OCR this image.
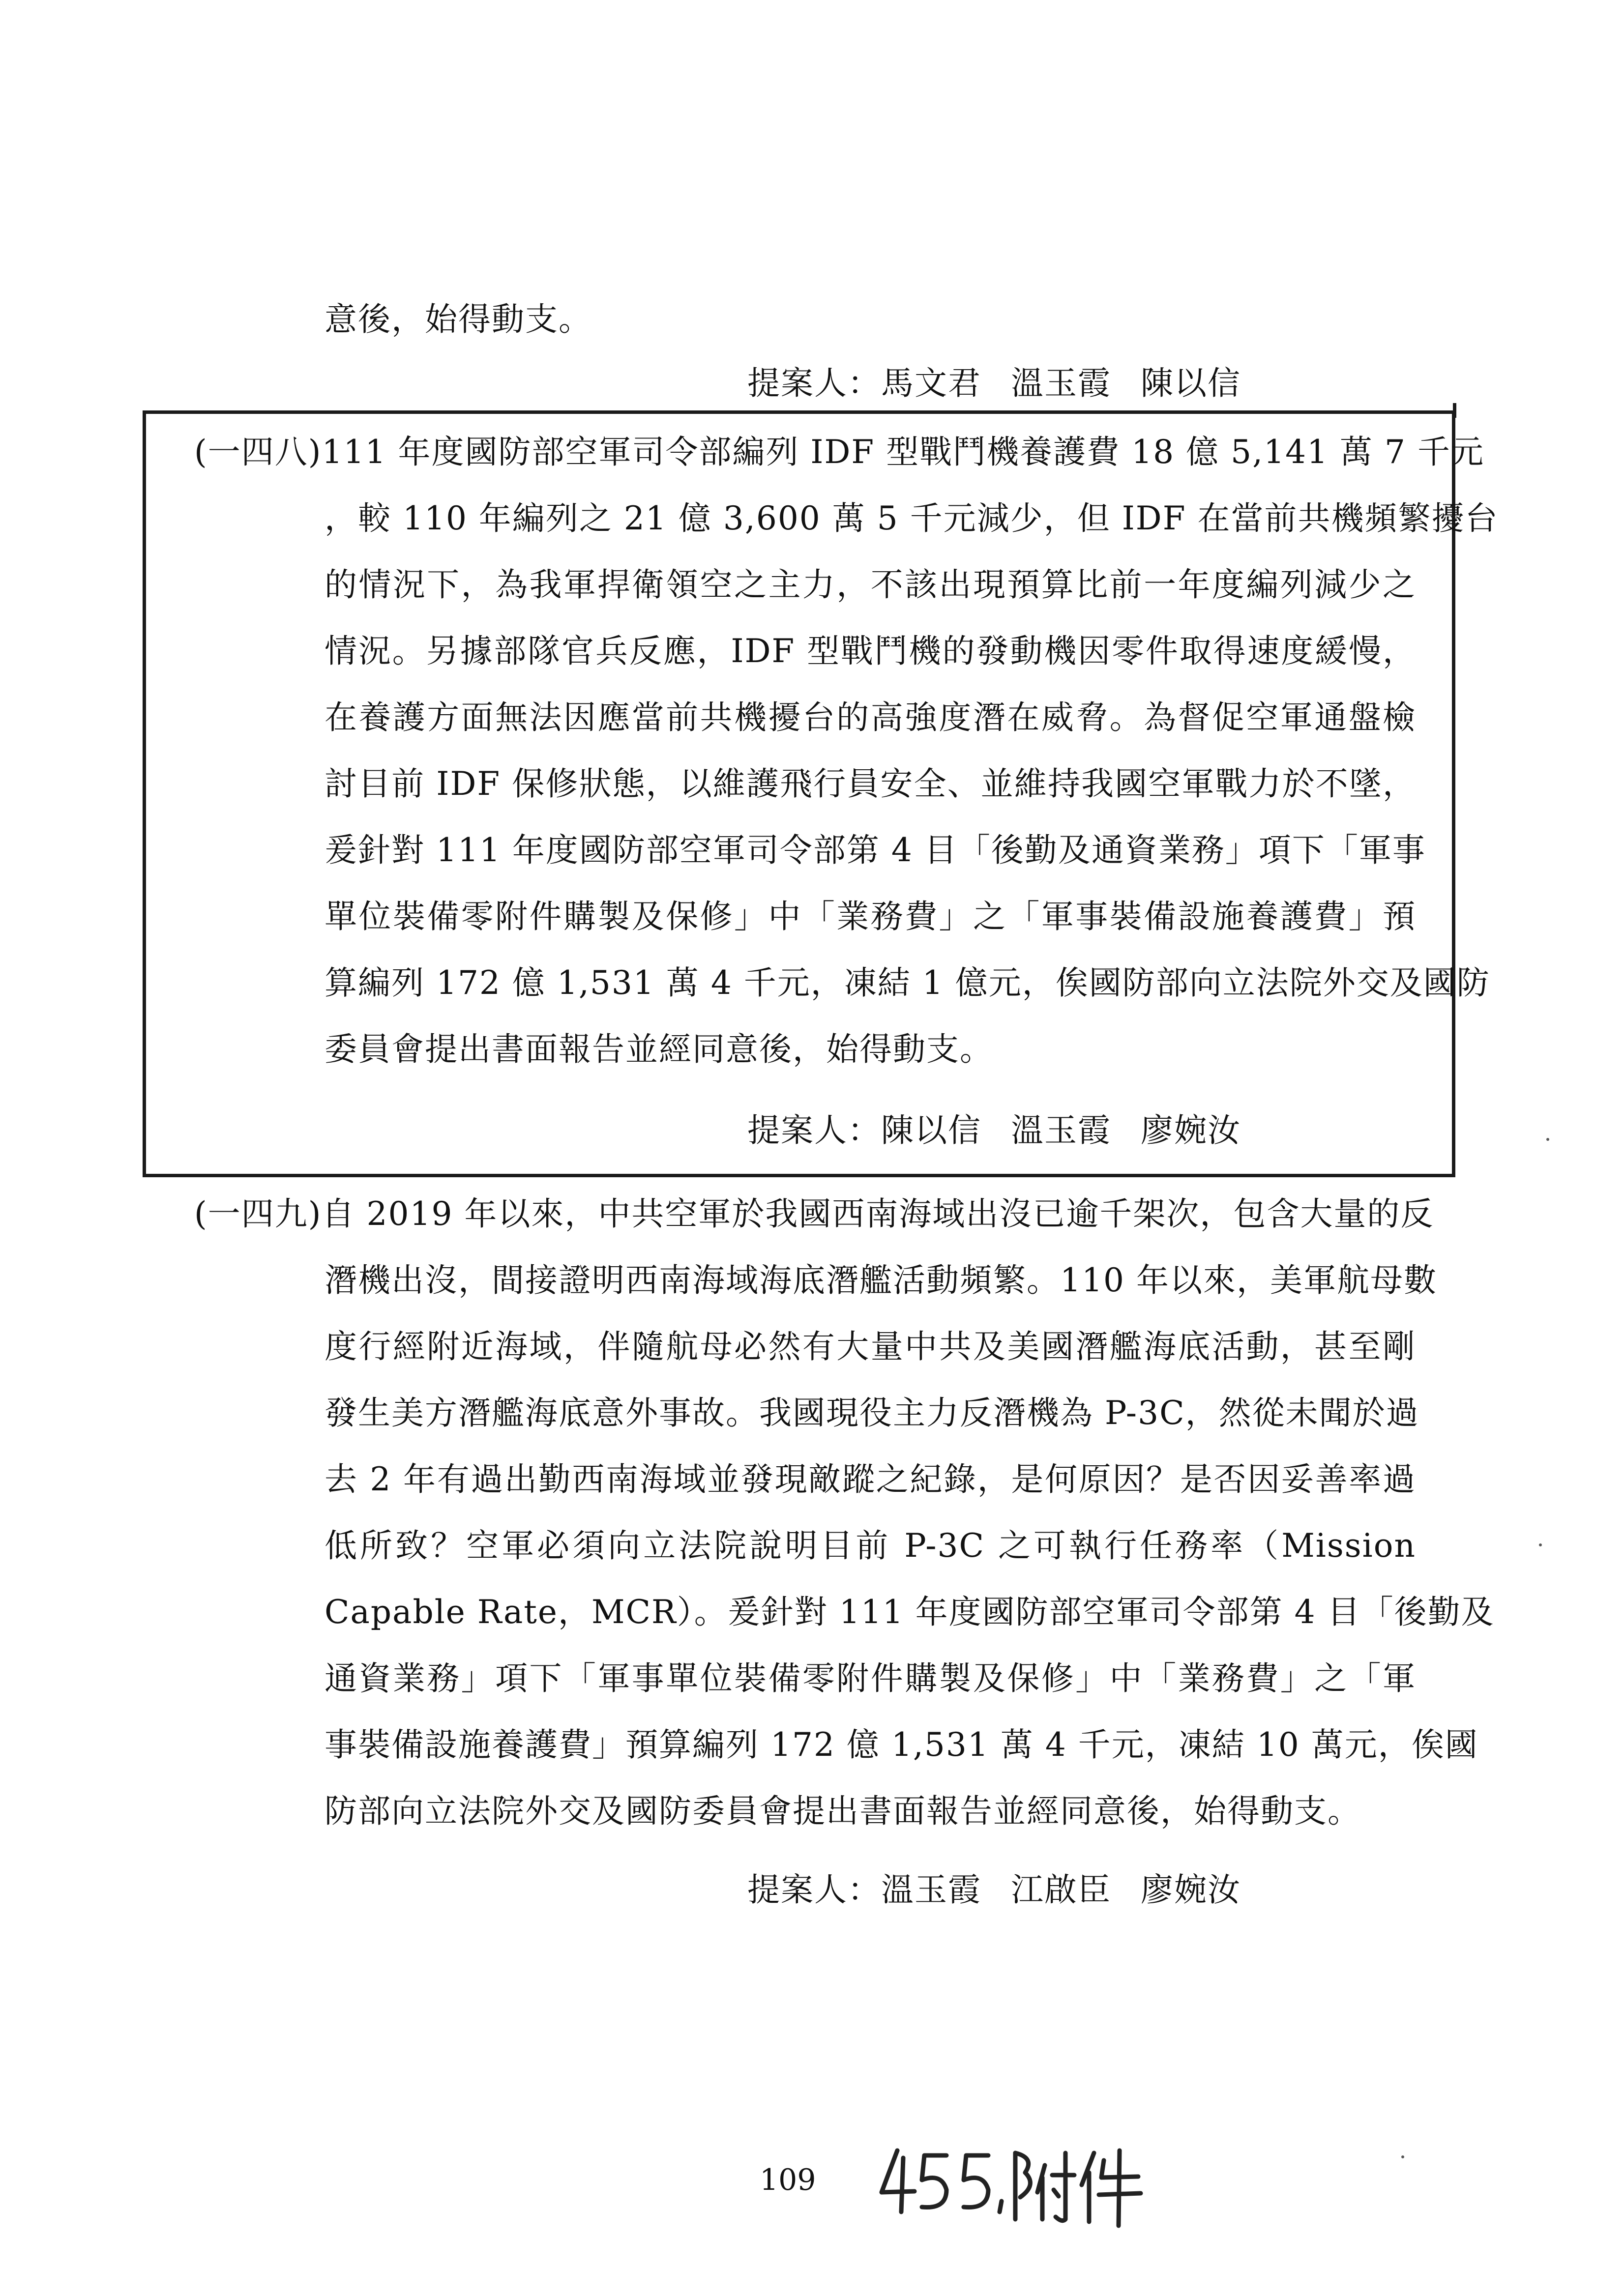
意後，始得動支。
提案人：馬文君 溫玉霞 陳以信
(一四八)111 年度國防部空軍司令部編列 IDF 型戰鬥機養護費 18 億 5,141 萬 7 千元
，較 110 年編列之 21 億 3,600 萬 5 千元減少，但 IDF 在當前共機頻繁擾台
的情況下，為我軍捍衛領空之主力，不該出現預算比前一年度編列減少之
情況。另據部隊官兵反應，IDF 型戰鬥機的發動機因零件取得速度緩慢，
在養護方面無法因應當前共機擾台的高強度潛在威脅。為督促空軍通盤檢
討目前 IDF 保修狀態，以維護飛行員安全、並維持我國空軍戰力於不墜，
爰針對 111 年度國防部空軍司令部第 4 目「後勤及通資業務」項下「軍事
單位裝備零附件購製及保修」中「業務費」之「軍事裝備設施養護費」預
算編列 172 億 1,531 萬 4 千元，凍結 1 億元，俟國防部向立法院外交及國防
委員會提出書面報告並經同意後，始得動支。
提案人：陳以信 溫玉霞 廖婉汝
(一四九)自 2019 年以來，中共空軍於我國西南海域出沒已逾千架次，包含大量的反
潛機出沒，間接證明西南海域海底潛艦活動頻繁。110 年以來，美軍航母數
度行經附近海域，伴隨航母必然有大量中共及美國潛艦海底活動，甚至剛
發生美方潛艦海底意外事故。我國現役主力反潛機為 P-3C，然從未聞於過
去 2 年有過出勤西南海域並發現敵蹤之紀錄，是何原因？是否因妥善率過
低所致？空軍必須向立法院說明目前 P-3C 之可執行任務率（Mission
Capable Rate，MCR）。爰針對 111 年度國防部空軍司令部第 4 目「後勤及
通資業務」項下「軍事單位裝備零附件購製及保修」中「業務費」之「軍
事裝備設施養護費」預算編列 172 億 1,531 萬 4 千元，凍結 10 萬元，俟國
防部向立法院外交及國防委員會提出書面報告並經同意後，始得動支。
提案人：溫玉霞 江啟臣 廖婉汝
109
